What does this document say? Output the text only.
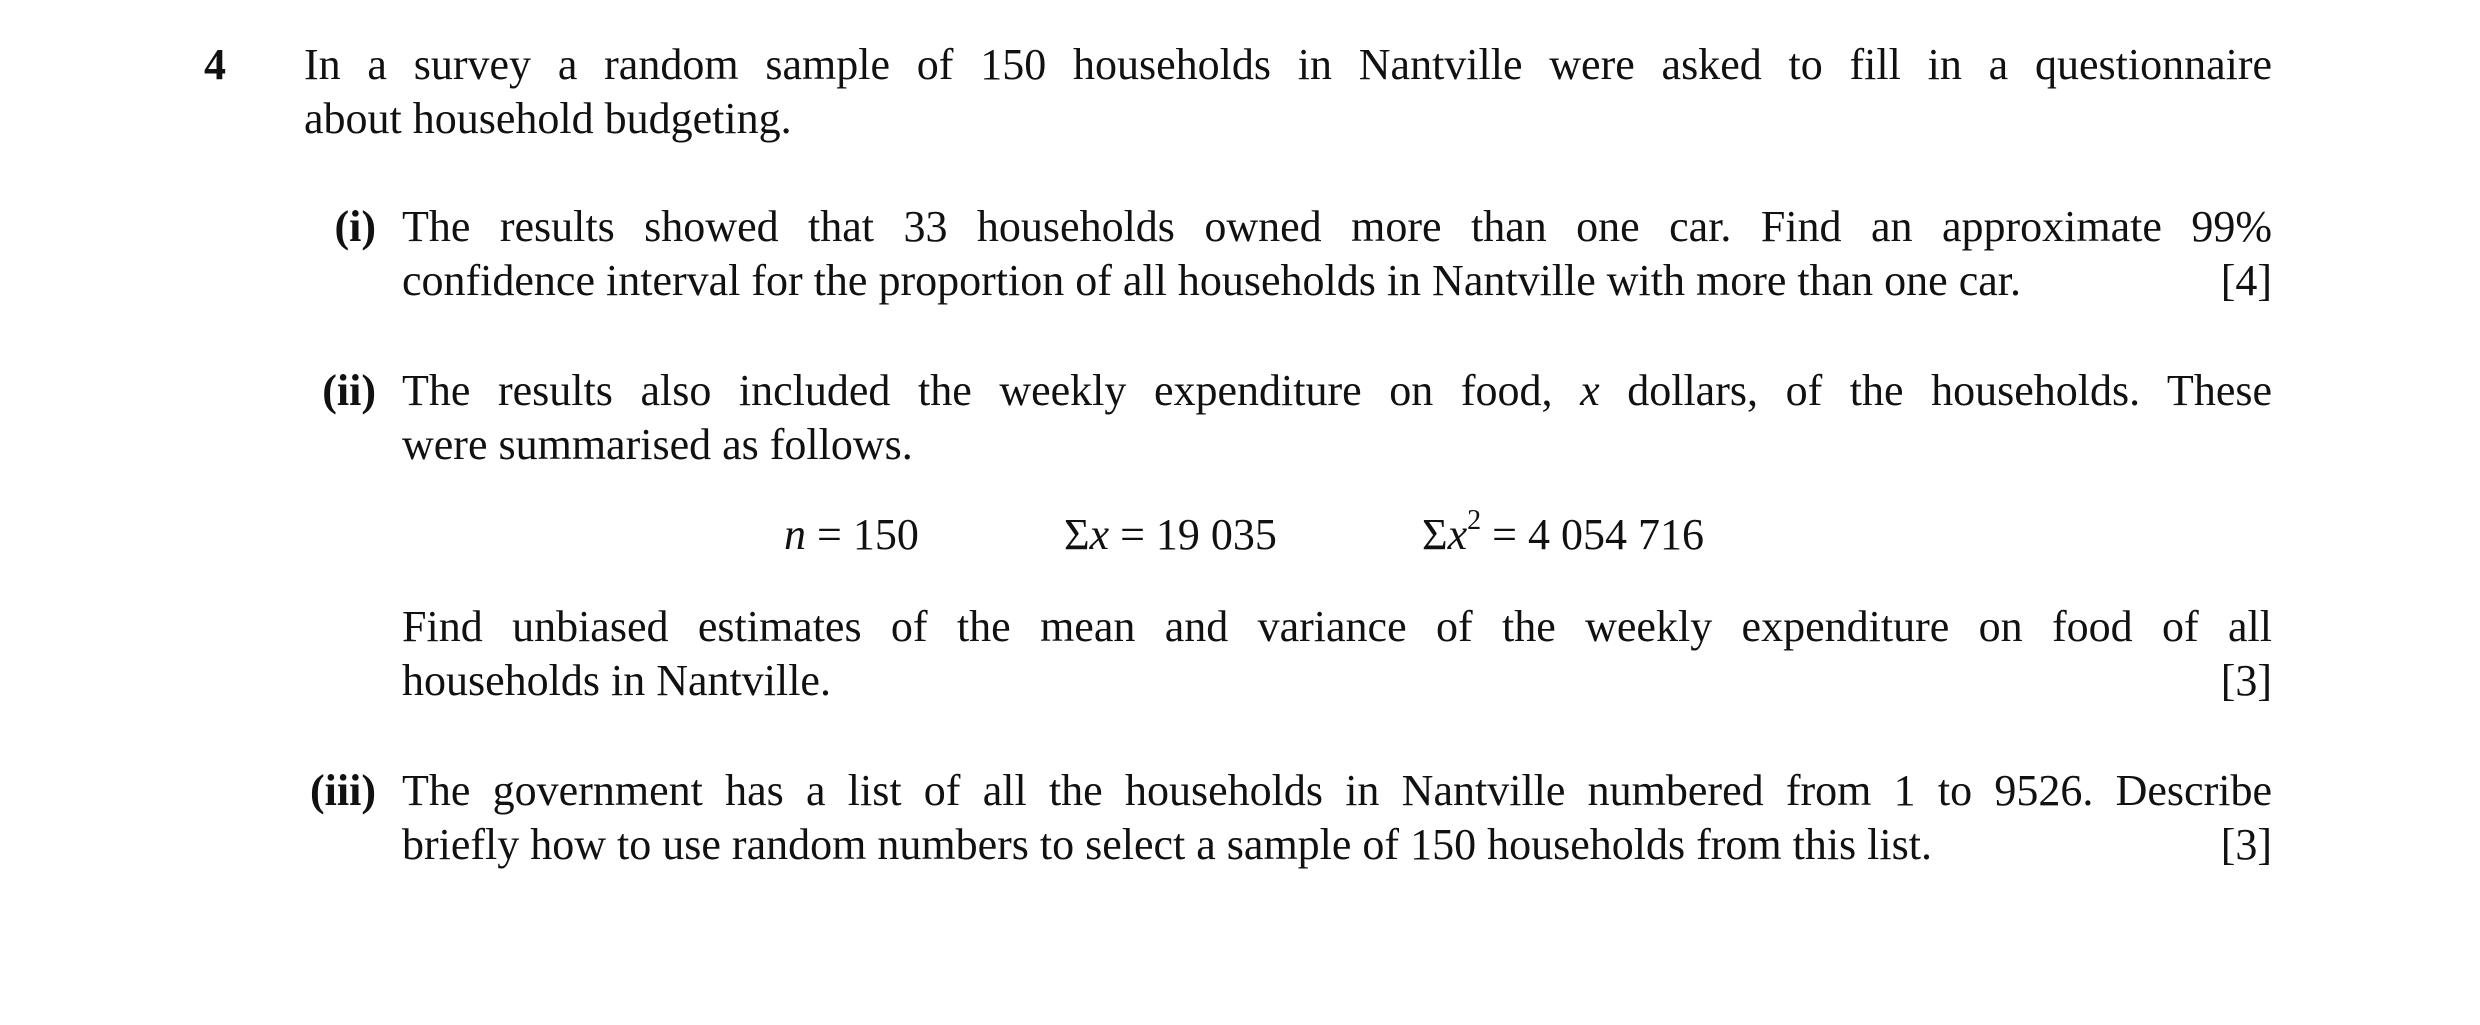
4 In a survey a random sample of 150 households in Nantville were asked to fill in a questionnaire
about household budgeting.
(i) The results showed that 33 households owned more than one car. Find an approximate 99%
confidence interval for the proportion of all households in Nantville with more than one car.	[4]
(ii) The results also included the weekly expenditure on food, x dollars, of the households. These
were summarised as follows.
n = 150	Σx = 19 035	$\Sigma x^2 = 4$ 054 716
Find unbiased estimates of the mean and variance of the weekly expenditure on food of all
households in Nantville.	[3]
(iii) The government has a list of all the households in Nantville numbered from 1 to 9526. Describe
briefly how to use random numbers to select a sample of 150 households from this list.	[3]
